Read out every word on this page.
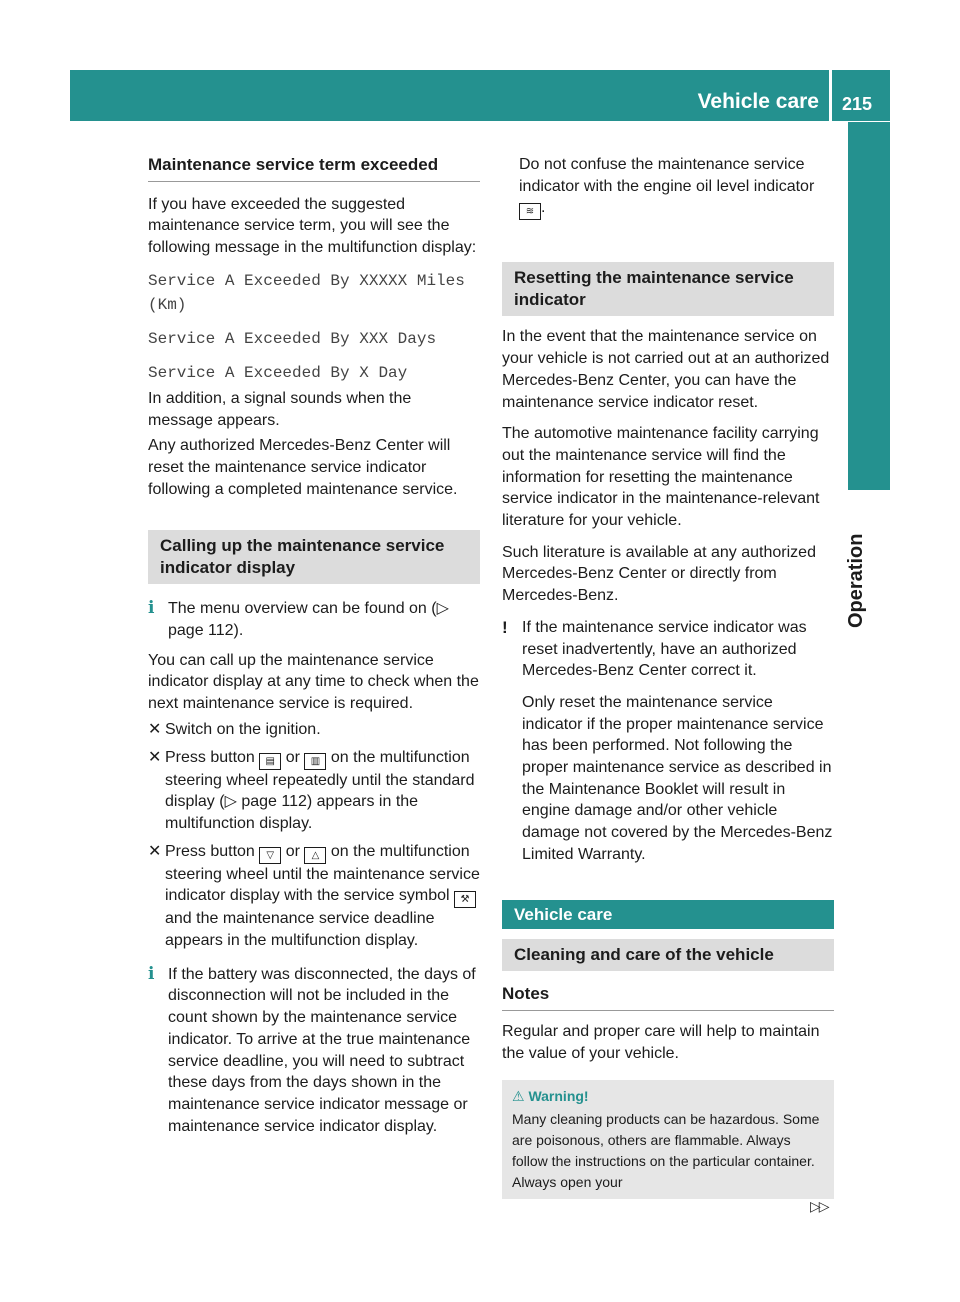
Vehicle care 215
Operation
Maintenance service term exceeded

If you have exceeded the suggested maintenance service term, you will see the following message in the multifunction display:

Service A Exceeded By XXXXX Miles (Km)

Service A Exceeded By XXX Days

Service A Exceeded By X Day

In addition, a signal sounds when the message appears.

Any authorized Mercedes-Benz Center will reset the maintenance service indicator following a completed maintenance service.

Calling up the maintenance service indicator display
i The menu overview can be found on (▷ page 112).

You can call up the maintenance service indicator display at any time to check when the next maintenance service is required.

✕ Switch on the ignition.
✕ Press button ▤ or ▥ on the multifunction steering wheel repeatedly until the standard display (▷ page 112) appears in the multifunction display.
✕ Press button ▽ or △ on the multifunction steering wheel until the maintenance service indicator display with the service symbol ⚒ and the maintenance service deadline appears in the multifunction display.
i If the battery was disconnected, the days of disconnection will not be included in the count shown by the maintenance service indicator. To arrive at the true maintenance service deadline, you will need to subtract these days from the days shown in the maintenance service indicator message or maintenance service indicator display.

Do not confuse the maintenance service indicator with the engine oil level indicator ≋ .

Resetting the maintenance service indicator

In the event that the maintenance service on your vehicle is not carried out at an authorized Mercedes-Benz Center, you can have the maintenance service indicator reset.

The automotive maintenance facility carrying out the maintenance service will find the information for resetting the maintenance service indicator in the maintenance-relevant literature for your vehicle.

Such literature is available at any authorized Mercedes-Benz Center or directly from Mercedes-Benz.

! If the maintenance service indicator was reset inadvertently, have an authorized Mercedes-Benz Center correct it.

Only reset the maintenance service indicator if the proper maintenance service has been performed. Not following the proper maintenance service as described in the Maintenance Booklet will result in engine damage and/or other vehicle damage not covered by the Mercedes-Benz Limited Warranty.

Vehicle care
Cleaning and care of the vehicle
Notes

Regular and proper care will help to maintain the value of your vehicle.

⚠ Warning!
Many cleaning products can be hazardous. Some are poisonous, others are flammable. Always follow the instructions on the particular container. Always open your
▷▷
